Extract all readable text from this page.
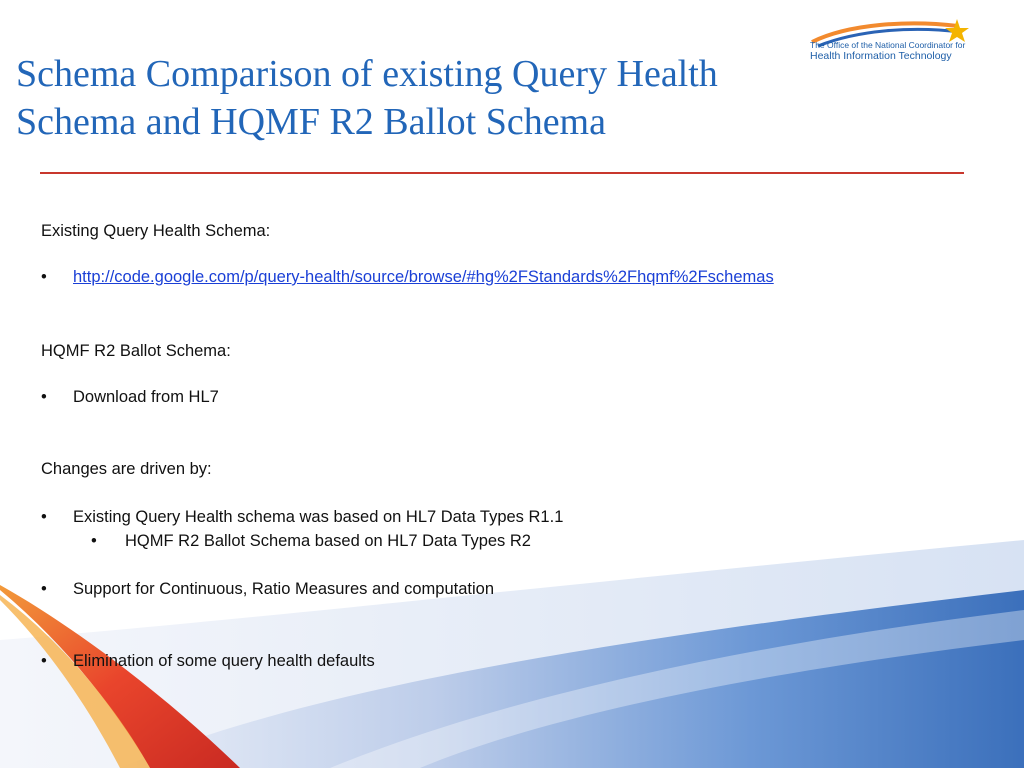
The Office of the National Coordinator for
Health Information Technology
Schema Comparison of existing Query Health
Schema and HQMF R2 Ballot Schema
Existing Query Health Schema:
• http://code.google.com/p/query-health/source/browse/#hg%2FStandards%2Fhqmf%2Fschemas
HQMF R2 Ballot Schema:
• Download from HL7
Changes are driven by:
• Existing Query Health schema was based on HL7 Data Types R1.1
• HQMF R2 Ballot Schema based on HL7 Data Types R2
• Support for Continuous, Ratio Measures and computation
• Elimination of some query health defaults
